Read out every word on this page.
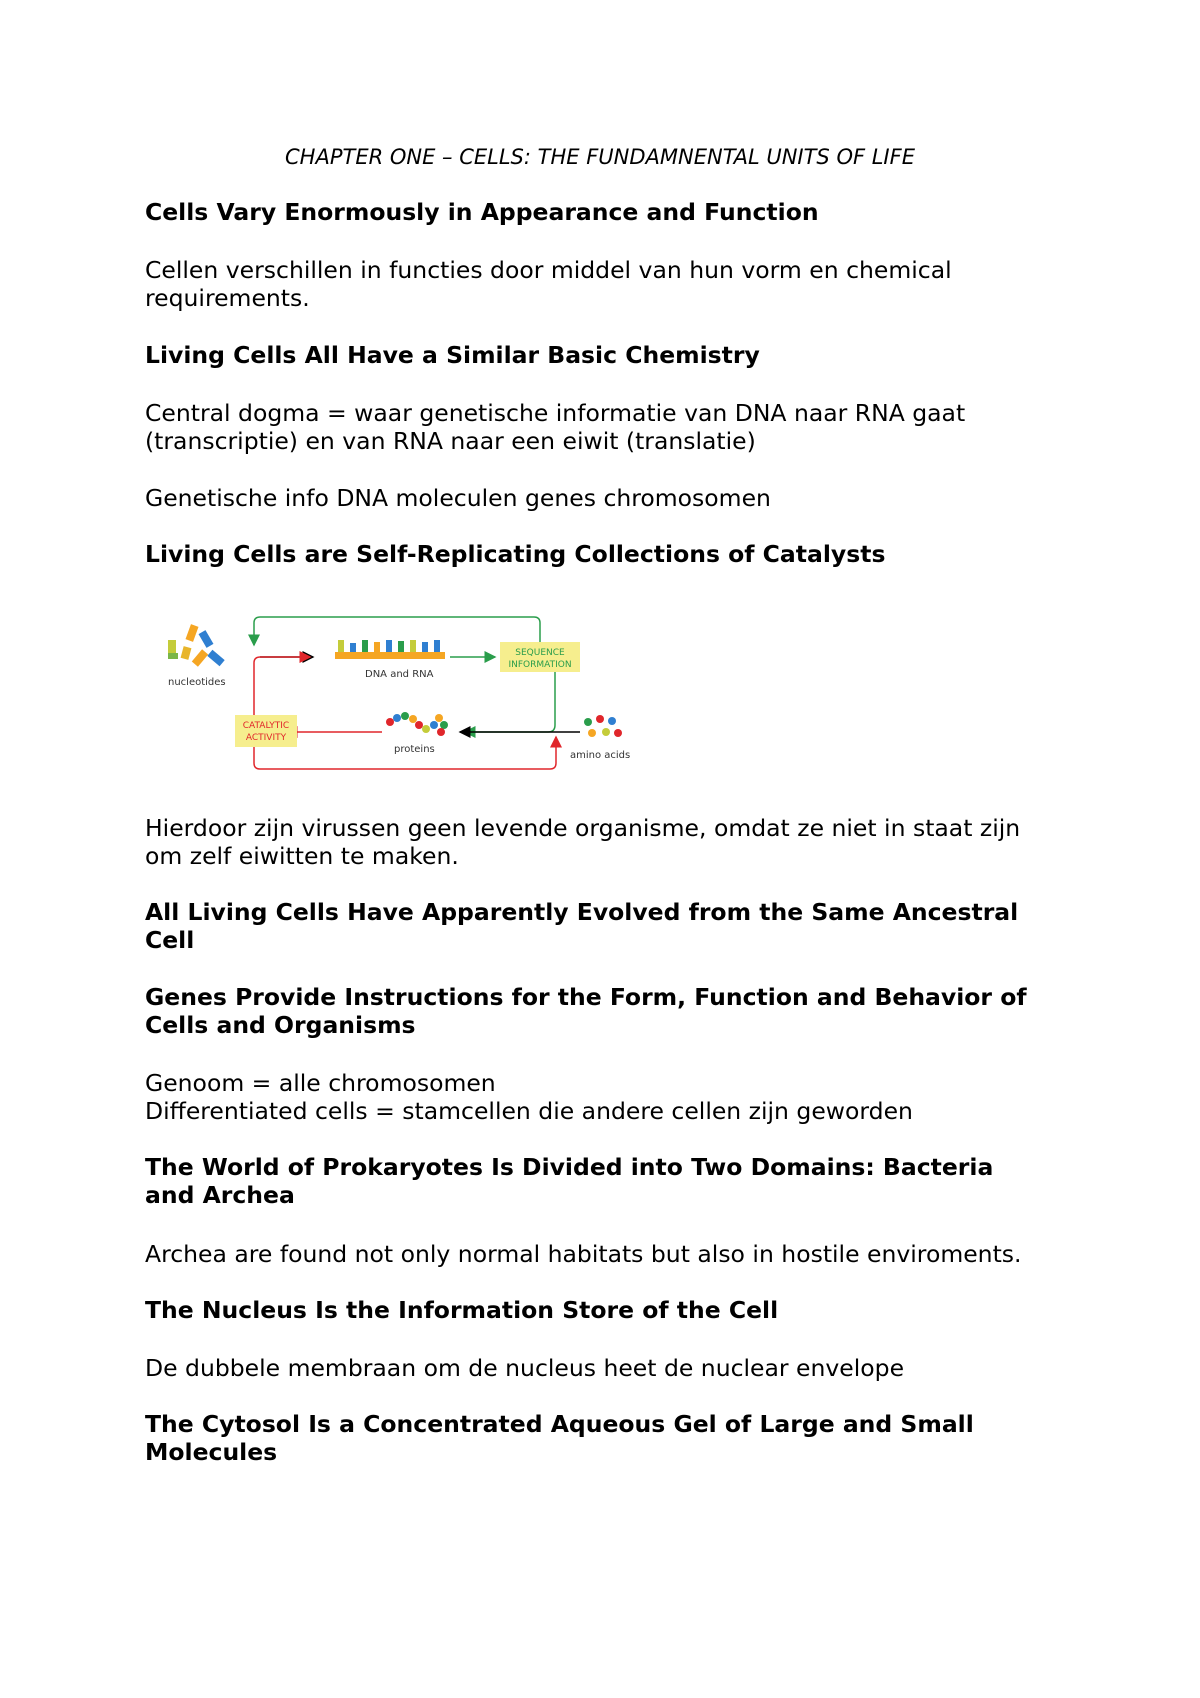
CHAPTER ONE – CELLS: THE FUNDAMNENTAL UNITS OF LIFE
Cells Vary Enormously in Appearance and Function
Cellen verschillen in functies door middel van hun vorm en chemical
requirements.
Living Cells All Have a Similar Basic Chemistry
Central dogma = waar genetische informatie van DNA naar RNA gaat
(transcriptie) en van RNA naar een eiwit (translatie)
Genetische info DNA moleculen genes chromosomen
Living Cells are Self-Replicating Collections of Catalysts
nucleotides
DNA and RNA
SEQUENCE
INFORMATION
proteins
amino acids
CATALYTIC
ACTIVITY
Hierdoor zijn virussen geen levende organisme, omdat ze niet in staat zijn
om zelf eiwitten te maken.
All Living Cells Have Apparently Evolved from the Same Ancestral
Cell
Genes Provide Instructions for the Form, Function and Behavior of
Cells and Organisms
Genoom = alle chromosomen
Differentiated cells = stamcellen die andere cellen zijn geworden
The World of Prokaryotes Is Divided into Two Domains: Bacteria
and Archea
Archea are found not only normal habitats but also in hostile enviroments.
The Nucleus Is the Information Store of the Cell
De dubbele membraan om de nucleus heet de nuclear envelope
The Cytosol Is a Concentrated Aqueous Gel of Large and Small
Molecules
